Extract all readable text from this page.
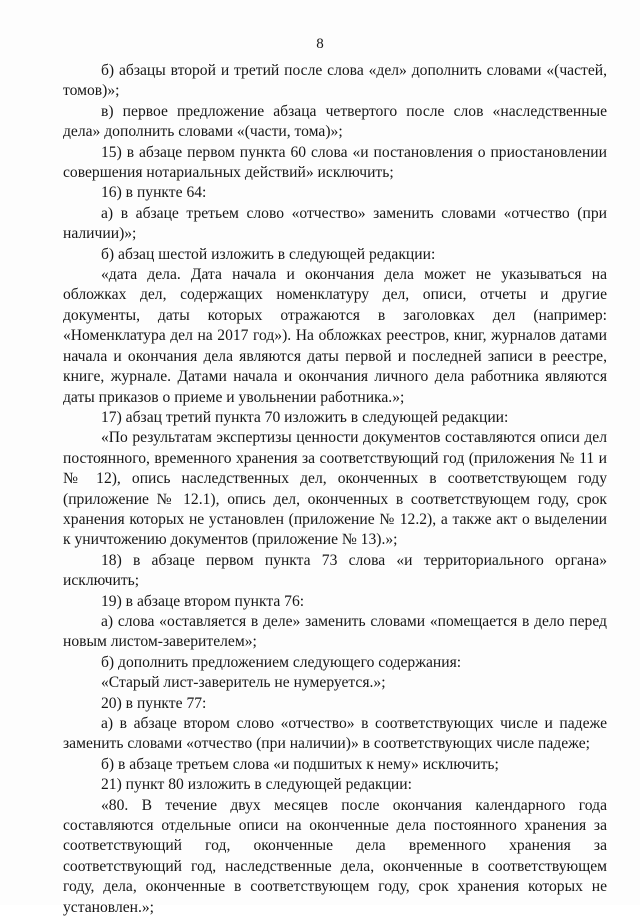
8

б) абзацы второй и третий после слова «дел» дополнить словами «(частей, томов)»;

в) первое предложение абзаца четвертого после слов «наследственные дела» дополнить словами «(части, тома)»;

15) в абзаце первом пункта 60 слова «и постановления о приостановлении совершения нотариальных действий» исключить;

16) в пункте 64:

а) в абзаце третьем слово «отчество» заменить словами «отчество (при наличии)»;

б) абзац шестой изложить в следующей редакции:

«дата дела. Дата начала и окончания дела может не указываться на обложках дел, содержащих номенклатуру дел, описи, отчеты и другие документы, даты которых отражаются в заголовках дел (например: «Номенклатура дел на 2017 год»). На обложках реестров, книг, журналов датами начала и окончания дела являются даты первой и последней записи в реестре, книге, журнале. Датами начала и окончания личного дела работника являются даты приказов о приеме и увольнении работника.»;

17) абзац третий пункта 70 изложить в следующей редакции:

«По результатам экспертизы ценности документов составляются описи дел постоянного, временного хранения за соответствующий год (приложения № 11 и № 12), опись наследственных дел, оконченных в соответствующем году (приложение № 12.1), опись дел, оконченных в соответствующем году, срок хранения которых не установлен (приложение № 12.2), а также акт о выделении к уничтожению документов (приложение № 13).»;

18) в абзаце первом пункта 73 слова «и территориального органа» исключить;

19) в абзаце втором пункта 76:

а) слова «оставляется в деле» заменить словами «помещается в дело перед новым листом-заверителем»;

б) дополнить предложением следующего содержания:

«Старый лист-заверитель не нумеруется.»;

20) в пункте 77:

а) в абзаце втором слово «отчество» в соответствующих числе и падеже заменить словами «отчество (при наличии)» в соответствующих числе падеже;

б) в абзаце третьем слова «и подшитых к нему» исключить;

21) пункт 80 изложить в следующей редакции:

«80. В течение двух месяцев после окончания календарного года составляются отдельные описи на оконченные дела постоянного хранения за соответствующий год, оконченные дела временного хранения за соответствующий год, наследственные дела, оконченные в соответствующем году, дела, оконченные в соответствующем году, срок хранения которых не установлен.»;
